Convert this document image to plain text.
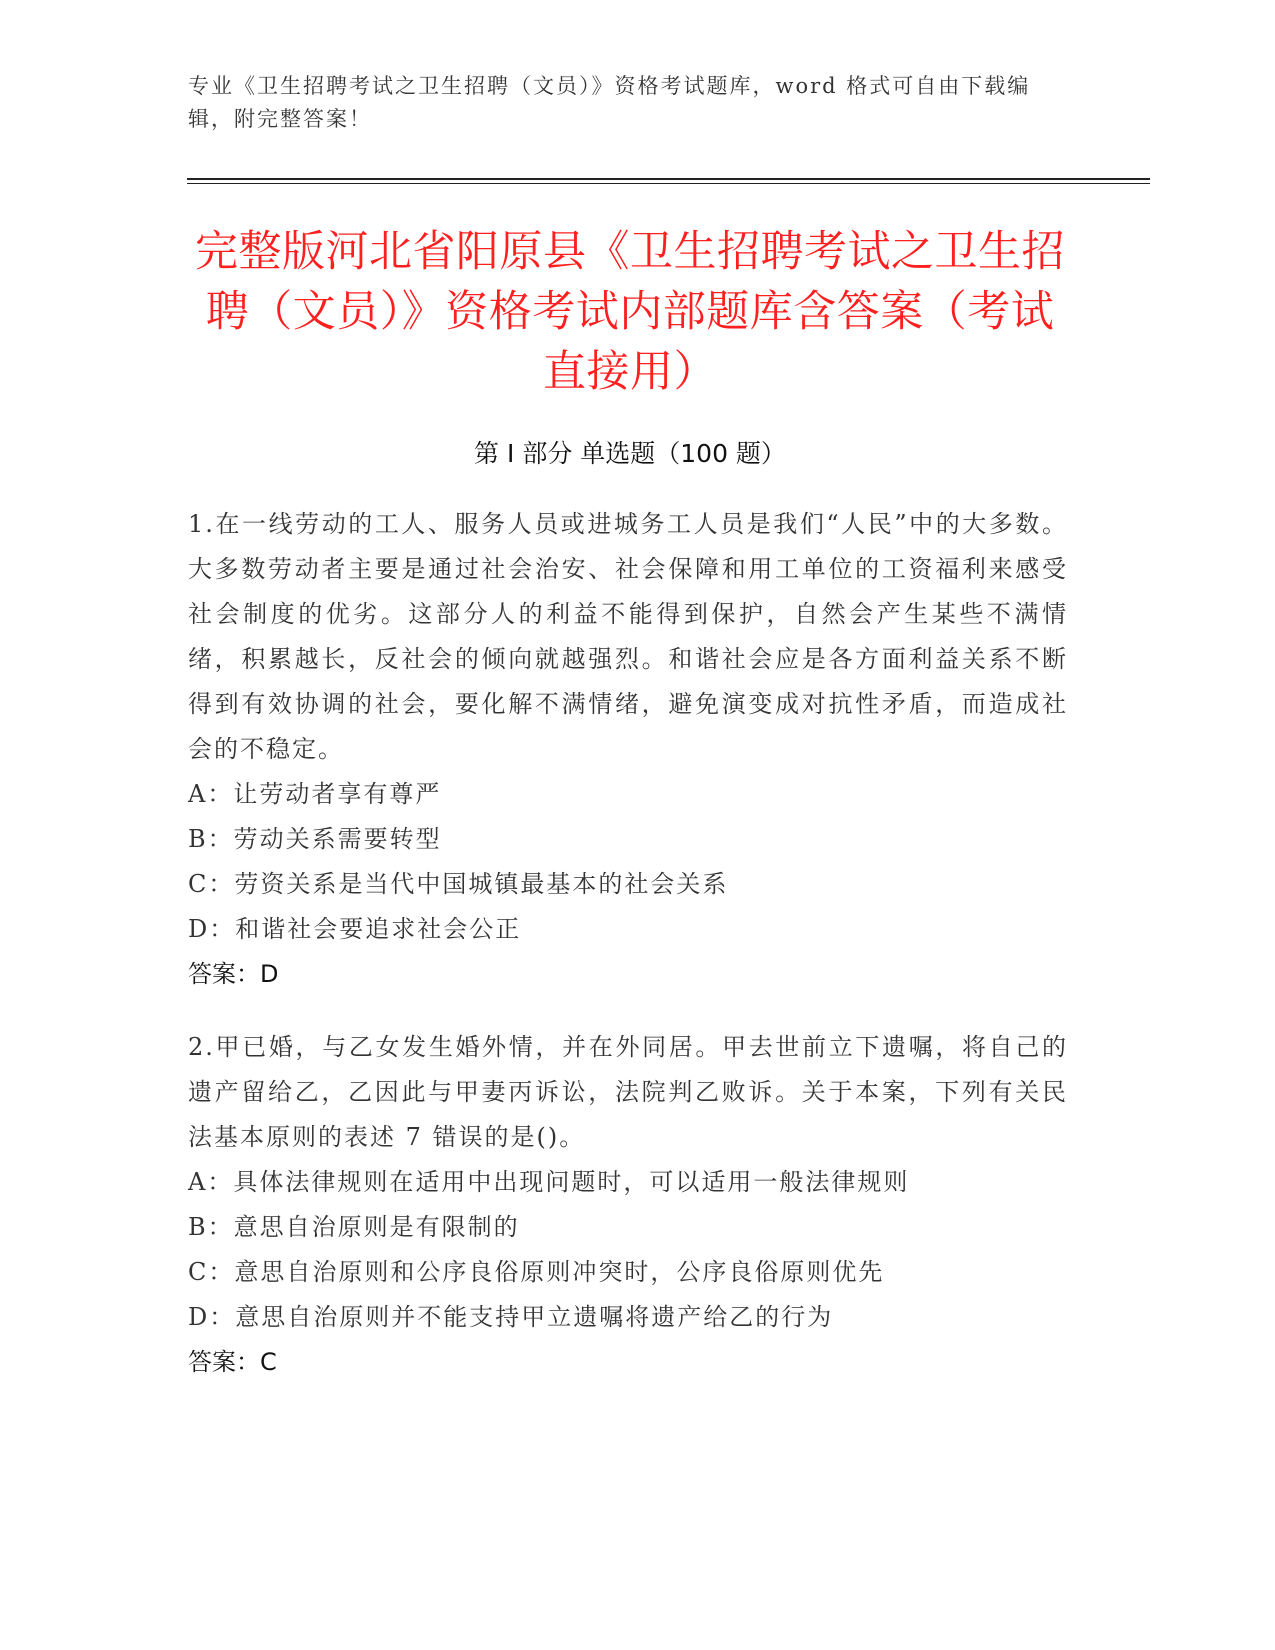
专业《卫生招聘考试之卫生招聘（文员）》资格考试题库，word 格式可自由下载编辑，附完整答案！
完整版河北省阳原县《卫生招聘考试之卫生招聘（文员）》资格考试内部题库含答案（考试直接用）
第 I 部分 单选题（100 题）

1.在一线劳动的工人、服务人员或进城务工人员是我们“人民”中的大多数。大多数劳动者主要是通过社会治安、社会保障和用工单位的工资福利来感受社会制度的优劣。这部分人的利益不能得到保护，自然会产生某些不满情绪，积累越长，反社会的倾向就越强烈。和谐社会应是各方面利益关系不断得到有效协调的社会，要化解不满情绪，避免演变成对抗性矛盾，而造成社会的不稳定。

A：让劳动者享有尊严

B：劳动关系需要转型

C：劳资关系是当代中国城镇最基本的社会关系

D：和谐社会要追求社会公正

答案：D

2.甲已婚，与乙女发生婚外情，并在外同居。甲去世前立下遗嘱，将自己的遗产留给乙，乙因此与甲妻丙诉讼，法院判乙败诉。关于本案，下列有关民法基本原则的表述 7 错误的是()。

A：具体法律规则在适用中出现问题时，可以适用一般法律规则

B：意思自治原则是有限制的

C：意思自治原则和公序良俗原则冲突时，公序良俗原则优先

D：意思自治原则并不能支持甲立遗嘱将遗产给乙的行为

答案：C
